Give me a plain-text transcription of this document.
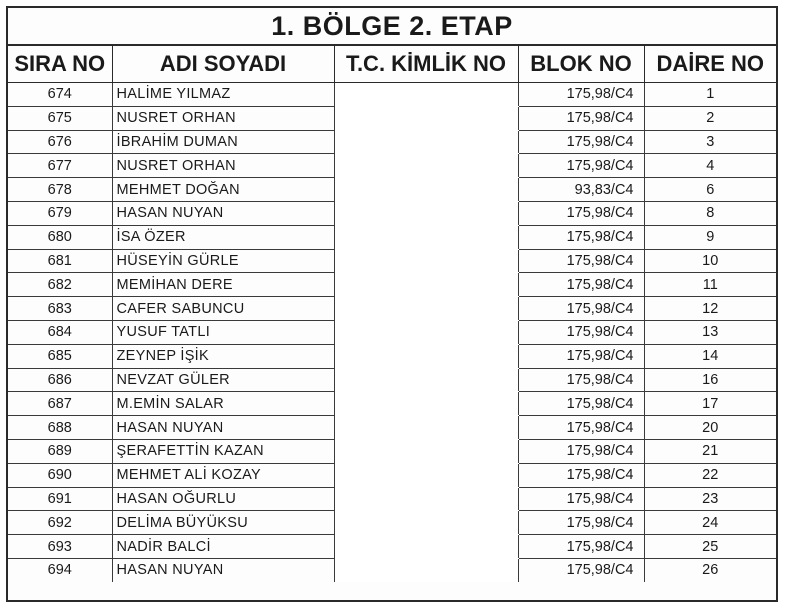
1. BÖLGE 2. ETAP
SIRA NO	ADI SOYADI	T.C. KİMLİK NO	BLOK NO	DAİRE NO
674	HALİME YILMAZ		175,98/C4	1
675	NUSRET ORHAN		175,98/C4	2
676	İBRAHİM DUMAN		175,98/C4	3
677	NUSRET ORHAN		175,98/C4	4
678	MEHMET DOĞAN		93,83/C4	6
679	HASAN NUYAN		175,98/C4	8
680	İSA ÖZER		175,98/C4	9
681	HÜSEYİN GÜRLE		175,98/C4	10
682	MEMİHAN DERE		175,98/C4	11
683	CAFER SABUNCU		175,98/C4	12
684	YUSUF TATLI		175,98/C4	13
685	ZEYNEP İŞİK		175,98/C4	14
686	NEVZAT GÜLER		175,98/C4	16
687	M.EMİN SALAR		175,98/C4	17
688	HASAN NUYAN		175,98/C4	20
689	ŞERAFETTİN KAZAN		175,98/C4	21
690	MEHMET ALİ KOZAY		175,98/C4	22
691	HASAN OĞURLU		175,98/C4	23
692	DELİMA BÜYÜKSU		175,98/C4	24
693	NADİR BALCİ		175,98/C4	25
694	HASAN NUYAN		175,98/C4	26
